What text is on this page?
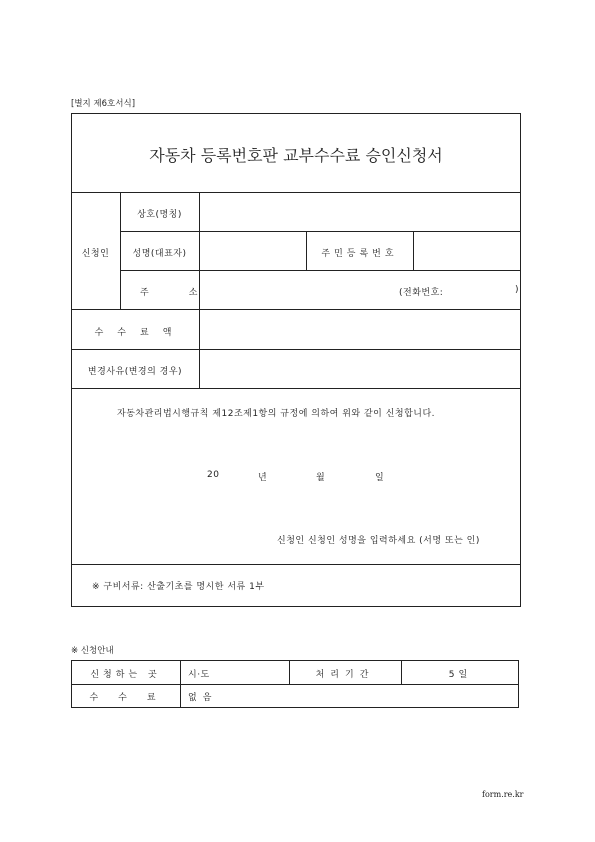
[별지 제6호서식]
자동차 등록번호판 교부수수료 승인신청서
신청인
상호(명칭)
성명(대표자)	주민등록번호
주소	(전화번호:	)
수수료액
변경사유(변경의 경우)
자동차관리법시행규칙 제12조제1항의 규정에 의하여 위와 같이 신청합니다.
20	년	월	일
신청인 신청인 성명을 입력하세요 (서명 또는 인)
※ 구비서류: 산출기초를 명시한 서류 1부
※ 신청안내
신청하는 곳	시·도	처리기간	5일
수수료	없음
form.re.kr
